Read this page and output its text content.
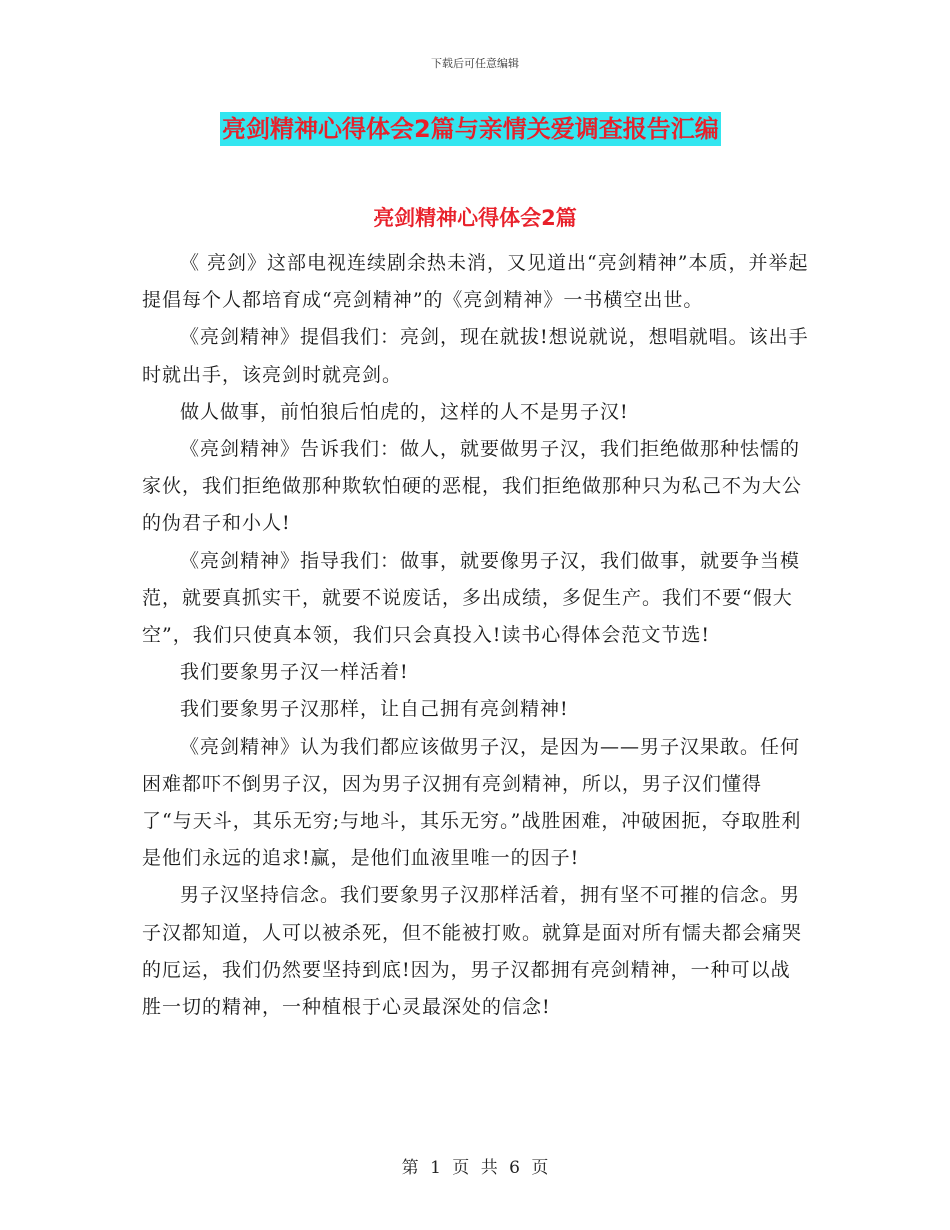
下载后可任意编辑
亮剑精神心得体会2篇与亲情关爱调查报告汇编
亮剑精神心得体会2篇

《 亮剑》这部电视连续剧余热未消，又见道出“亮剑精神”本质，并举起提倡每个人都培育成“亮剑精神”的《亮剑精神》一书横空出世。

《亮剑精神》提倡我们：亮剑，现在就拔!想说就说，想唱就唱。该出手时就出手，该亮剑时就亮剑。

做人做事，前怕狼后怕虎的，这样的人不是男子汉!

《亮剑精神》告诉我们：做人，就要做男子汉，我们拒绝做那种怯懦的家伙，我们拒绝做那种欺软怕硬的恶棍，我们拒绝做那种只为私己不为大公的伪君子和小人!

《亮剑精神》指导我们：做事，就要像男子汉，我们做事，就要争当模范，就要真抓实干，就要不说废话，多出成绩，多促生产。我们不要“假大空”，我们只使真本领，我们只会真投入!读书心得体会范文节选!

我们要象男子汉一样活着!

我们要象男子汉那样，让自己拥有亮剑精神!

《亮剑精神》认为我们都应该做男子汉，是因为——男子汉果敢。任何困难都吓不倒男子汉，因为男子汉拥有亮剑精神，所以，男子汉们懂得了“与天斗，其乐无穷;与地斗，其乐无穷。”战胜困难，冲破困扼，夺取胜利是他们永远的追求!赢，是他们血液里唯一的因子!

男子汉坚持信念。我们要象男子汉那样活着，拥有坚不可摧的信念。男子汉都知道，人可以被杀死，但不能被打败。就算是面对所有懦夫都会痛哭的厄运，我们仍然要坚持到底!因为，男子汉都拥有亮剑精神，一种可以战胜一切的精神，一种植根于心灵最深处的信念!

第 1 页 共 6 页
